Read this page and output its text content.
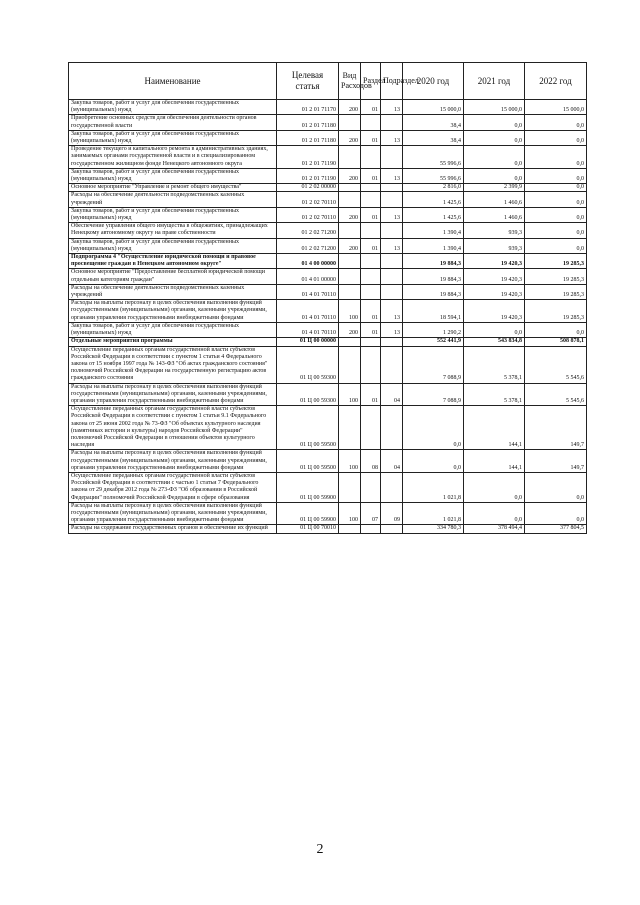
Наименование	Целевая статья	Вид Расходов	Раздел	Подраздел	2020 год	2021 год	2022 год
Закупка товаров, работ и услуг для обеспечения государственных (муниципальных) нужд	01 2 01 71170	200	01	13	15 000,0	15 000,0	15 000,0
Приобретение основных средств для обеспечения деятельности органов государственной власти	01 2 01 71180				38,4	0,0	0,0
Закупка товаров, работ и услуг для обеспечения государственных (муниципальных) нужд	01 2 01 71180	200	01	13	38,4	0,0	0,0
Проведение текущего и капитального ремонта в административных зданиях, занимаемых органами государственной власти и в специализированном государственном жилищном фонде Ненецкого автономного округа	01 2 01 71190				55 996,6	0,0	0,0
Закупка товаров, работ и услуг для обеспечения государственных (муниципальных) нужд	01 2 01 71190	200	01	13	55 996,6	0,0	0,0
Основное мероприятие "Управление и ремонт общего имущества"	01 2 02 00000				2 816,0	2 399,9	0,0
Расходы на обеспечение деятельности подведомственных казенных учреждений	01 2 02 70110				1 425,6	1 460,6	0,0
Закупка товаров, работ и услуг для обеспечения государственных (муниципальных) нужд	01 2 02 70110	200	01	13	1 425,6	1 460,6	0,0
Обеспечение управления общего имущества в общежитиях, принадлежащих Ненецкому автономному округу на праве собственности	01 2 02 71200				1 390,4	939,3	0,0
Закупка товаров, работ и услуг для обеспечения государственных (муниципальных) нужд	01 2 02 71200	200	01	13	1 390,4	939,3	0,0
Подпрограмма 4 "Осуществление юридической помощи и правовое просвещение граждан в Ненецком автономном округе"	01 4 00 00000				19 884,3	19 420,3	19 285,3
Основное мероприятие "Предоставление бесплатной юридической помощи отдельным категориям граждан"	01 4 01 00000				19 884,3	19 420,3	19 285,3
Расходы на обеспечение деятельности подведомственных казенных учреждений	01 4 01 70110				19 884,3	19 420,3	19 285,3
Расходы на выплаты персоналу в целях обеспечения выполнения функций государственными (муниципальными) органами, казенными учреждениями, органами управления государственными внебюджетными фондами	01 4 01 70110	100	01	13	18 594,1	19 420,3	19 285,3
Закупка товаров, работ и услуг для обеспечения государственных (муниципальных) нужд	01 4 01 70110	200	01	13	1 290,2	0,0	0,0
Отдельные мероприятия программы	01 Ц 00 00000				552 441,9	543 834,8	508 878,1
Осуществление переданных органам государственной власти субъектов Российской Федерации в соответствии с пунктом 1 статьи 4 Федерального закона от 15 ноября 1997 года № 143-ФЗ "Об актах гражданского состояния" полномочий Российской Федерации на государственную регистрацию актов гражданского состояния	01 Ц 00 59300				7 088,9	5 378,1	5 545,6
Расходы на выплаты персоналу в целях обеспечения выполнения функций государственными (муниципальными) органами, казенными учреждениями, органами управления государственными внебюджетными фондами	01 Ц 00 59300	100	01	04	7 088,9	5 378,1	5 545,6
Осуществление переданных органам государственной власти субъектов Российской Федерации в соответствии с пунктом 1 статьи 9.1 Федерального закона от 25 июня 2002 года № 73-ФЗ "Об объектах культурного наследия (памятниках истории и культуры) народов Российской Федерации" полномочий Российской Федерации в отношении объектов культурного наследия	01 Ц 00 59500				0,0	144,1	149,7
Расходы на выплаты персоналу в целях обеспечения выполнения функций государственными (муниципальными) органами, казенными учреждениями, органами управления государственными внебюджетными фондами	01 Ц 00 59500	100	08	04	0,0	144,1	149,7
Осуществление переданных органам государственной власти субъектов Российской Федерации в соответствии с частью 1 статьи 7 Федерального закона от 29 декабря 2012 года № 273-ФЗ "Об образовании в Российской Федерации" полномочий Российской Федерации в сфере образования	01 Ц 00 59900				1 021,8	0,0	0,0
Расходы на выплаты персоналу в целях обеспечения выполнения функций государственными (муниципальными) органами, казенными учреждениями, органами управления государственными внебюджетными фондами	01 Ц 00 59900	100	07	09	1 021,8	0,0	0,0
Расходы на содержание государственных органов и обеспечение их функций	01 Ц 00 70010				334 780,3	378 494,4	377 804,5
2
